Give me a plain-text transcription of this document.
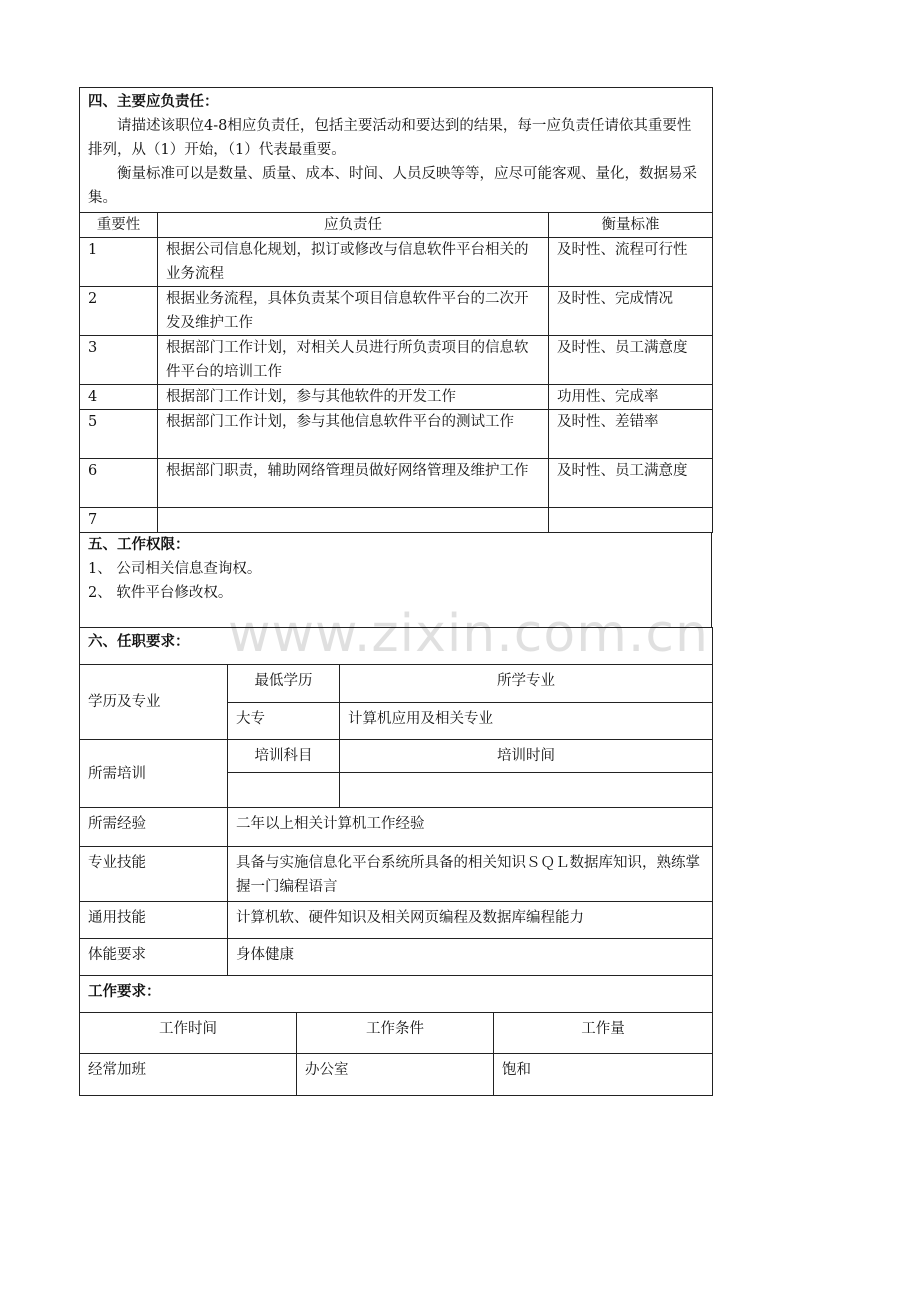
四、主要应负责任：
请描述该职位4-8相应负责任，包括主要活动和要达到的结果，每一应负责任请依其重要性排列，从（1）开始，（1）代表最重要。
衡量标准可以是数量、质量、成本、时间、人员反映等等，应尽可能客观、量化，数据易采集。		

重要性	应负责任	衡量标准
1	根据公司信息化规划，拟订或修改与信息软件平台相关的业务流程	及时性、流程可行性
2	根据业务流程，具体负责某个项目信息软件平台的二次开发及维护工作	及时性、完成情况
3	根据部门工作计划，对相关人员进行所负责项目的信息软件平台的培训工作	及时性、员工满意度
4	根据部门工作计划，参与其他软件的开发工作	功用性、完成率
5	根据部门工作计划，参与其他信息软件平台的测试工作	及时性、差错率
6	根据部门职责，辅助网络管理员做好网络管理及维护工作	及时性、员工满意度
7		
五、工作权限：
1、 公司相关信息查询权。
2、 软件平台修改权。
六、任职要求：		
学历及专业	最低学历	所学专业
	大专	计算机应用及相关专业
所需培训	培训科目	培训时间

所需经验	二年以上相关计算机工作经验	
专业技能	具备与实施信息化平台系统所具备的相关知识ＳＱＬ数据库知识，熟练掌握一门编程语言	
通用技能	计算机软、硬件知识及相关网页编程及数据库编程能力	
体能要求	身体健康	
工作要求：		
工作时间	工作条件	工作量
经常加班	办公室	饱和
www.zixin.com.cn
